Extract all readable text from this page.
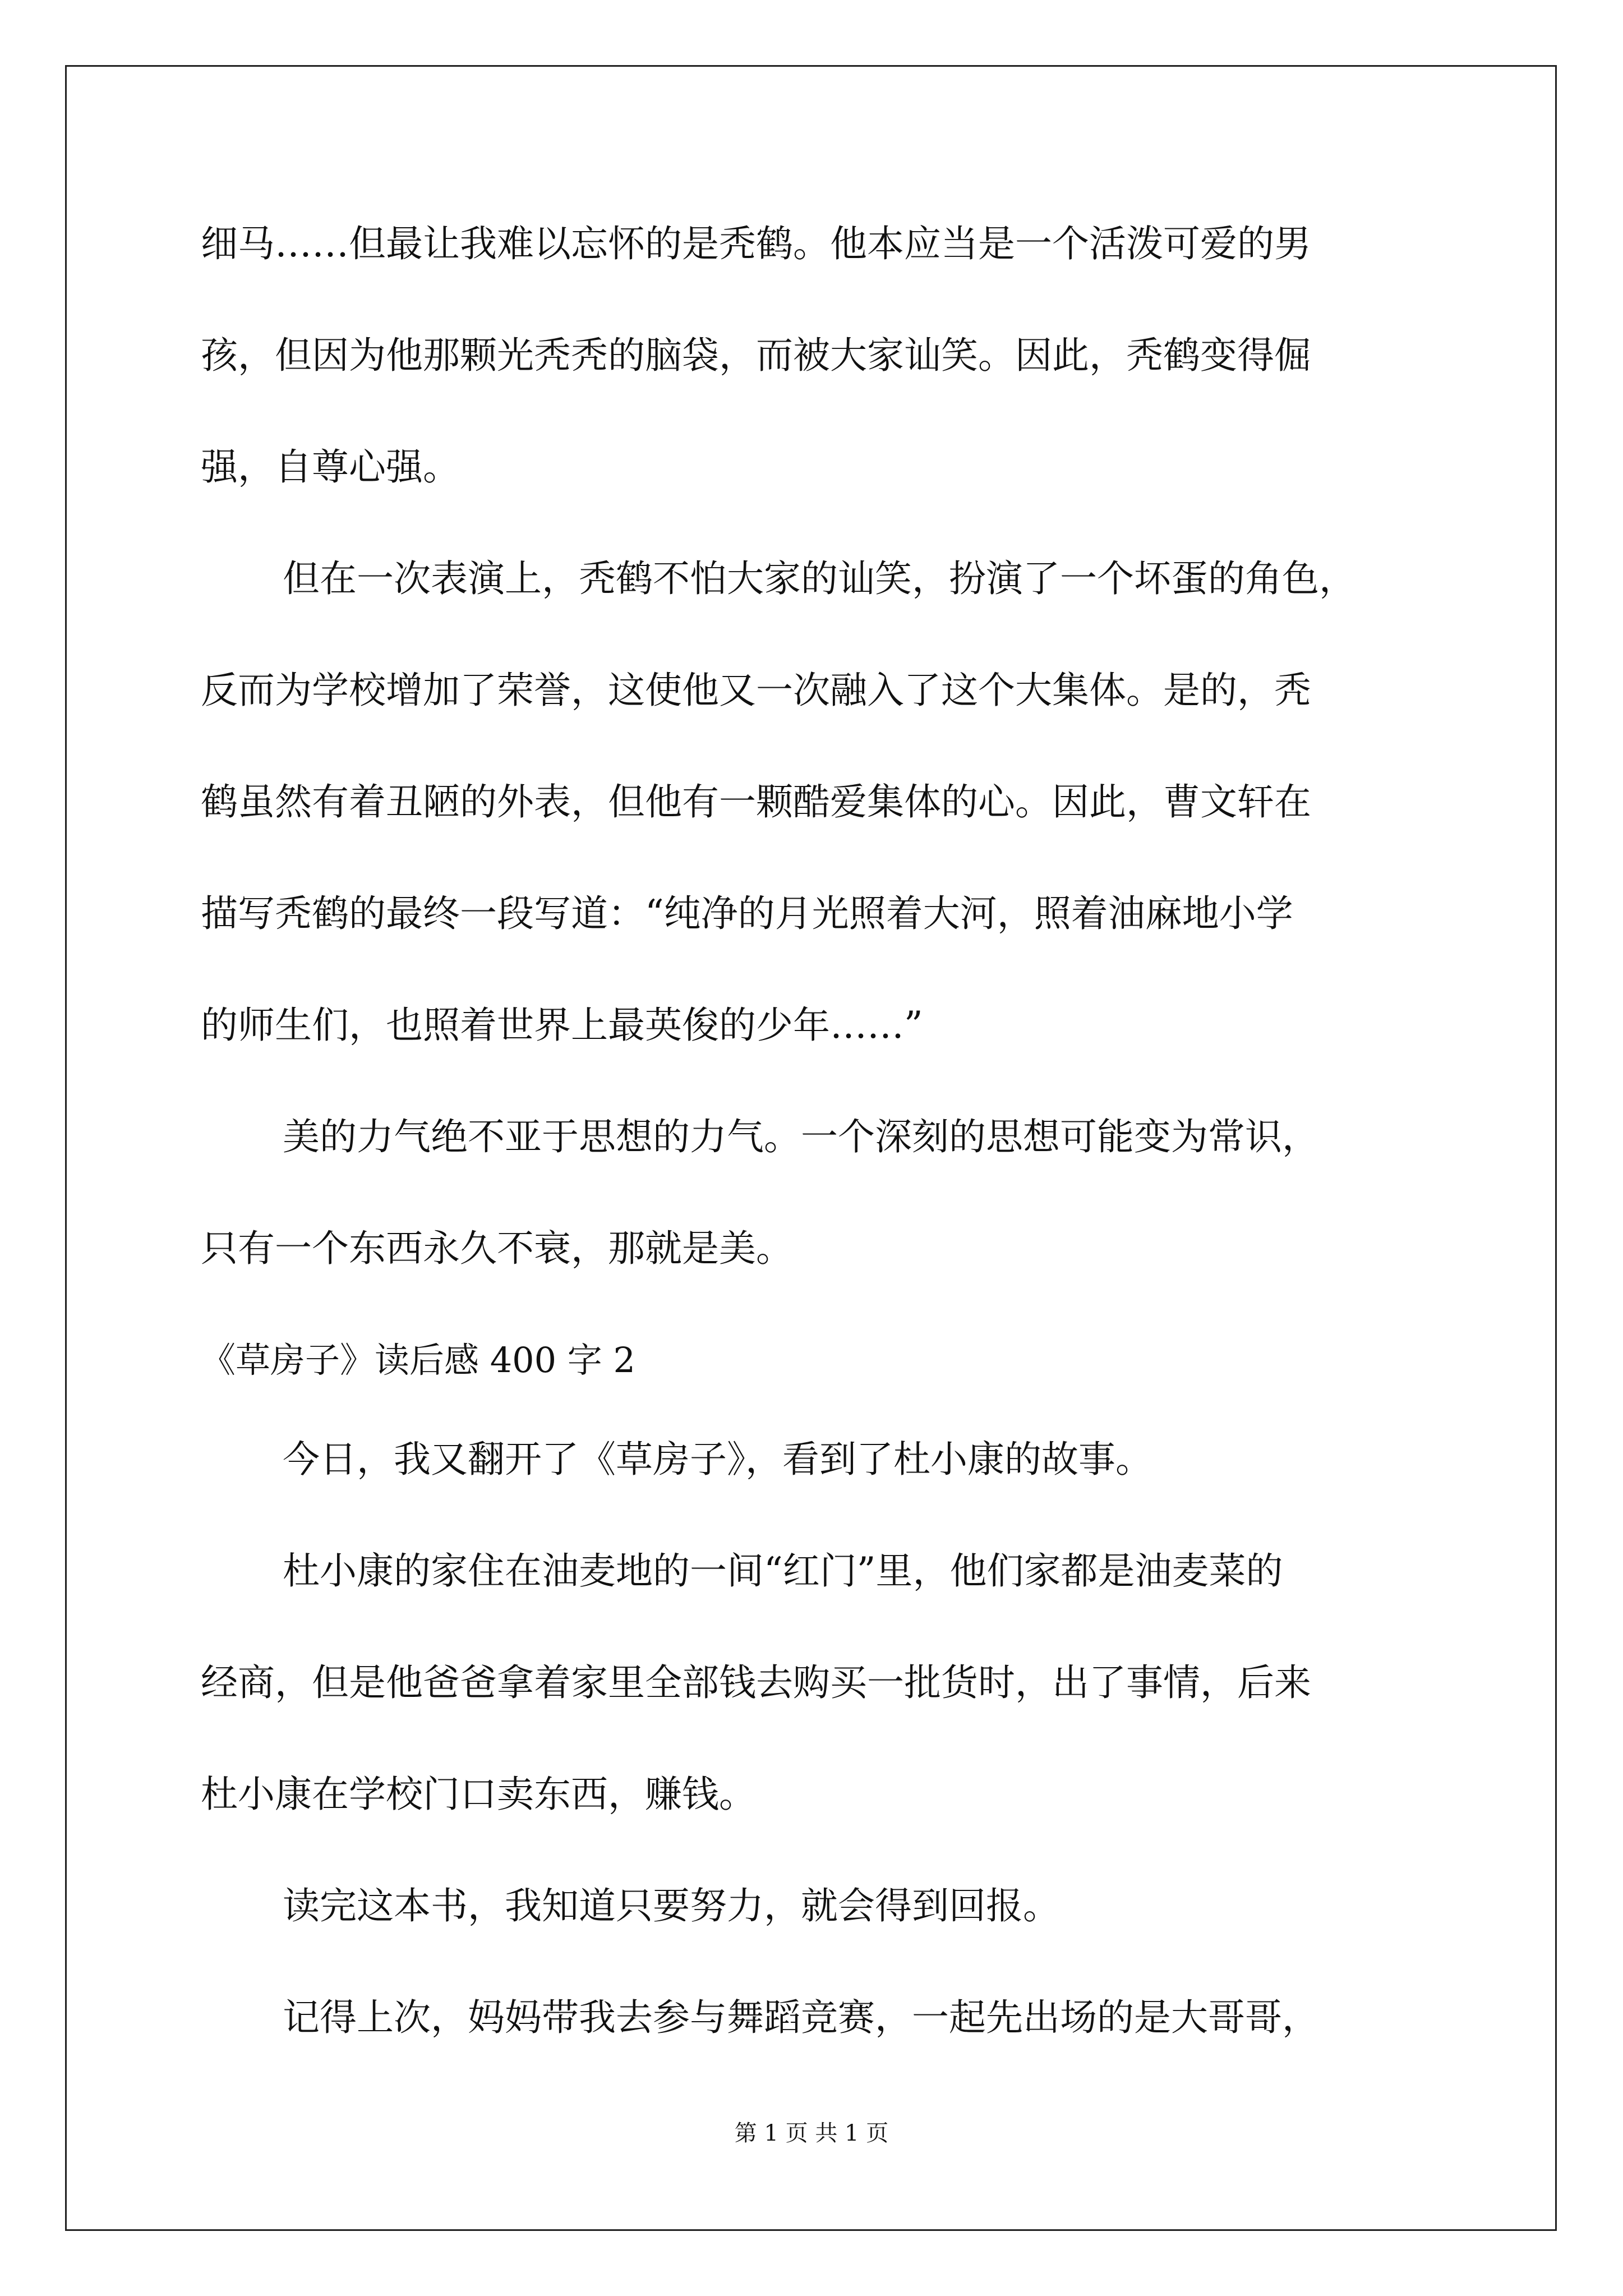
细马……但最让我难以忘怀的是秃鹤。他本应当是一个活泼可爱的男
孩，但因为他那颗光秃秃的脑袋，而被大家讪笑。因此，秃鹤变得倔
强，自尊心强。
但在一次表演上，秃鹤不怕大家的讪笑，扮演了一个坏蛋的角色，
反而为学校增加了荣誉，这使他又一次融入了这个大集体。是的，秃
鹤虽然有着丑陋的外表，但他有一颗酷爱集体的心。因此，曹文轩在
描写秃鹤的最终一段写道：“纯净的月光照着大河，照着油麻地小学
的师生们，也照着世界上最英俊的少年……”
美的力气绝不亚于思想的力气。一个深刻的思想可能变为常识，
只有一个东西永久不衰，那就是美。
《草房子》读后感 400 字 2
今日，我又翻开了《草房子》，看到了杜小康的故事。
杜小康的家住在油麦地的一间“红门”里，他们家都是油麦菜的
经商，但是他爸爸拿着家里全部钱去购买一批货时，出了事情，后来
杜小康在学校门口卖东西，赚钱。
读完这本书，我知道只要努力，就会得到回报。
记得上次，妈妈带我去参与舞蹈竞赛，一起先出场的是大哥哥，
第 1 页 共 1 页
